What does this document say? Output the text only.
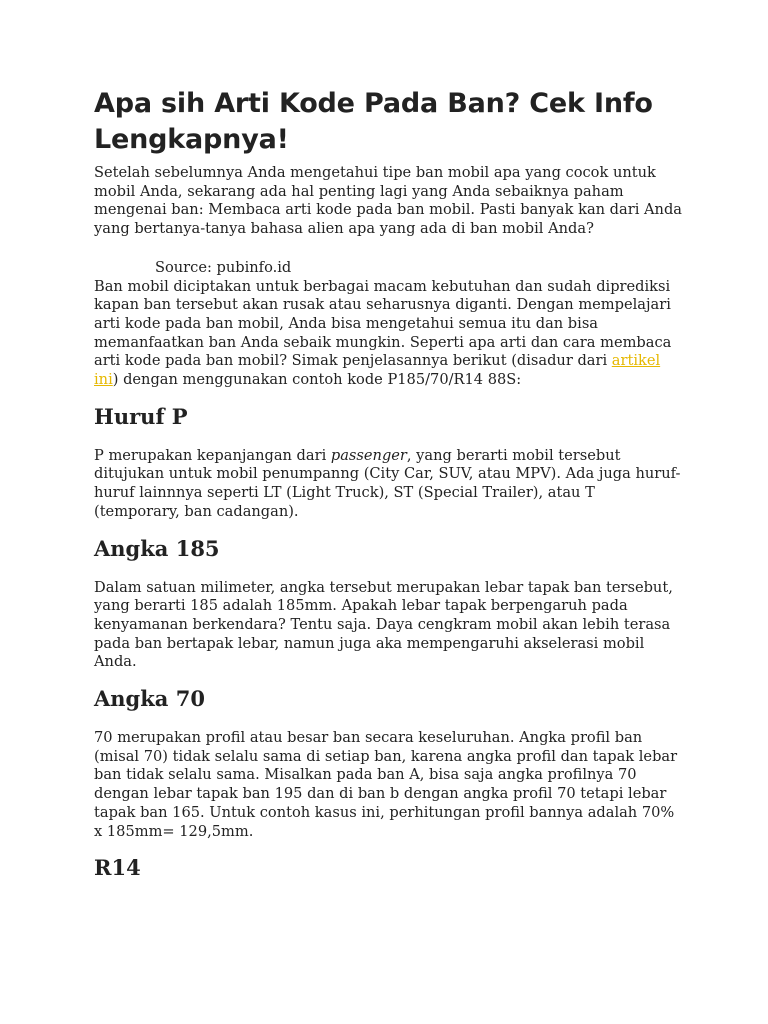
Apa sih Arti Kode Pada Ban? Cek Info Lengkapnya!

Setelah sebelumnya Anda mengetahui tipe ban mobil apa yang cocok untuk mobil Anda, sekarang ada hal penting lagi yang Anda sebaiknya paham mengenai ban: Membaca arti kode pada ban mobil. Pasti banyak kan dari Anda yang bertanya-tanya bahasa alien apa yang ada di ban mobil Anda?

Source: pubinfo.id

Ban mobil diciptakan untuk berbagai macam kebutuhan dan sudah diprediksi kapan ban tersebut akan rusak atau seharusnya diganti. Dengan mempelajari arti kode pada ban mobil, Anda bisa mengetahui semua itu dan bisa memanfaatkan ban Anda sebaik mungkin. Seperti apa arti dan cara membaca arti kode pada ban mobil? Simak penjelasannya berikut (disadur dari artikel ini) dengan menggunakan contoh kode P185/70/R14 88S:

Huruf P

P merupakan kepanjangan dari passenger, yang berarti mobil tersebut ditujukan untuk mobil penumpanng (City Car, SUV, atau MPV). Ada juga huruf-huruf lainnnya seperti LT (Light Truck), ST (Special Trailer), atau T (temporary, ban cadangan).

Angka 185

Dalam satuan milimeter, angka tersebut merupakan lebar tapak ban tersebut, yang berarti 185 adalah 185mm. Apakah lebar tapak berpengaruh pada kenyamanan berkendara? Tentu saja. Daya cengkram mobil akan lebih terasa pada ban bertapak lebar, namun juga aka mempengaruhi akselerasi mobil Anda.

Angka 70

70 merupakan profil atau besar ban secara keseluruhan. Angka profil ban (misal 70) tidak selalu sama di setiap ban, karena angka profil dan tapak lebar ban tidak selalu sama. Misalkan pada ban A, bisa saja angka profilnya 70 dengan lebar tapak ban 195 dan di ban b dengan angka profil 70 tetapi lebar tapak ban 165. Untuk contoh kasus ini, perhitungan profil bannya adalah 70% x 185mm= 129,5mm.

R14
